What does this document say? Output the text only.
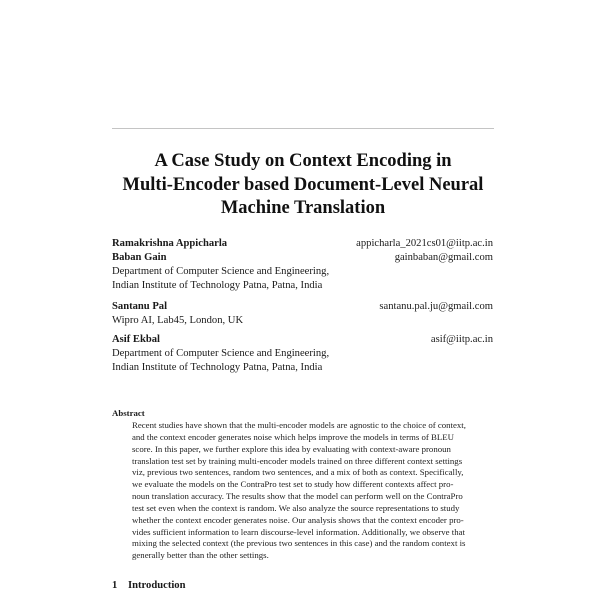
A Case Study on Context Encoding in
Multi-Encoder based Document-Level Neural
Machine Translation
Ramakrishna Appicharla	appicharla_2021cs01@iitp.ac.in
Baban Gain	gainbaban@gmail.com
Department of Computer Science and Engineering,
Indian Institute of Technology Patna, Patna, India
Santanu Pal	santanu.pal.ju@gmail.com
Wipro AI, Lab45, London, UK
Asif Ekbal	asif@iitp.ac.in
Department of Computer Science and Engineering,
Indian Institute of Technology Patna, Patna, India
Abstract
Recent studies have shown that the multi-encoder models are agnostic to the choice of context,
and the context encoder generates noise which helps improve the models in terms of BLEU
score. In this paper, we further explore this idea by evaluating with context-aware pronoun
translation test set by training multi-encoder models trained on three different context settings
viz, previous two sentences, random two sentences, and a mix of both as context. Specifically,
we evaluate the models on the ContraPro test set to study how different contexts affect pro-
noun translation accuracy. The results show that the model can perform well on the ContraPro
test set even when the context is random. We also analyze the source representations to study
whether the context encoder generates noise. Our analysis shows that the context encoder pro-
vides sufficient information to learn discourse-level information. Additionally, we observe that
mixing the selected context (the previous two sentences in this case) and the random context is
generally better than the other settings.
1 Introduction
